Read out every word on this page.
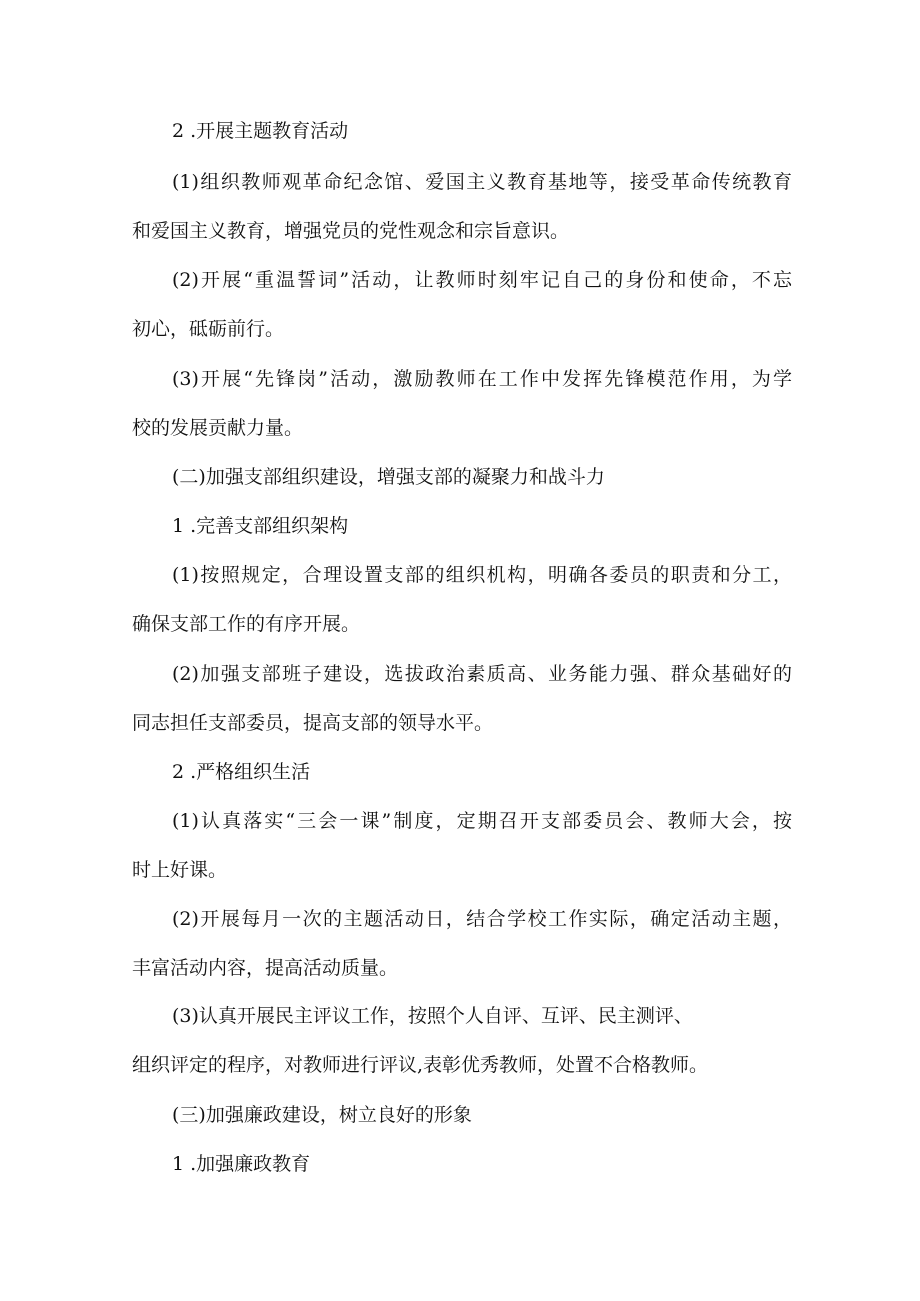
2 .开展主题教育活动
(1)组织教师观革命纪念馆、爱国主义教育基地等，接受革命传统教育
和爱国主义教育，增强党员的党性观念和宗旨意识。
(2)开展“重温誓词”活动，让教师时刻牢记自己的身份和使命，不忘
初心，砥砺前行。
(3)开展“先锋岗”活动，激励教师在工作中发挥先锋模范作用，为学
校的发展贡献力量。
(二)加强支部组织建设，增强支部的凝聚力和战斗力
1 .完善支部组织架构
(1)按照规定，合理设置支部的组织机构，明确各委员的职责和分工，
确保支部工作的有序开展。
(2)加强支部班子建设，选拔政治素质高、业务能力强、群众基础好的
同志担任支部委员，提高支部的领导水平。
2 .严格组织生活
(1)认真落实“三会一课”制度，定期召开支部委员会、教师大会，按
时上好课。
(2)开展每月一次的主题活动日，结合学校工作实际，确定活动主题，
丰富活动内容，提高活动质量。
(3)认真开展民主评议工作，按照个人自评、互评、民主测评、
组织评定的程序，对教师进行评议,表彰优秀教师，处置不合格教师。
(三)加强廉政建设，树立良好的形象
1 .加强廉政教育
